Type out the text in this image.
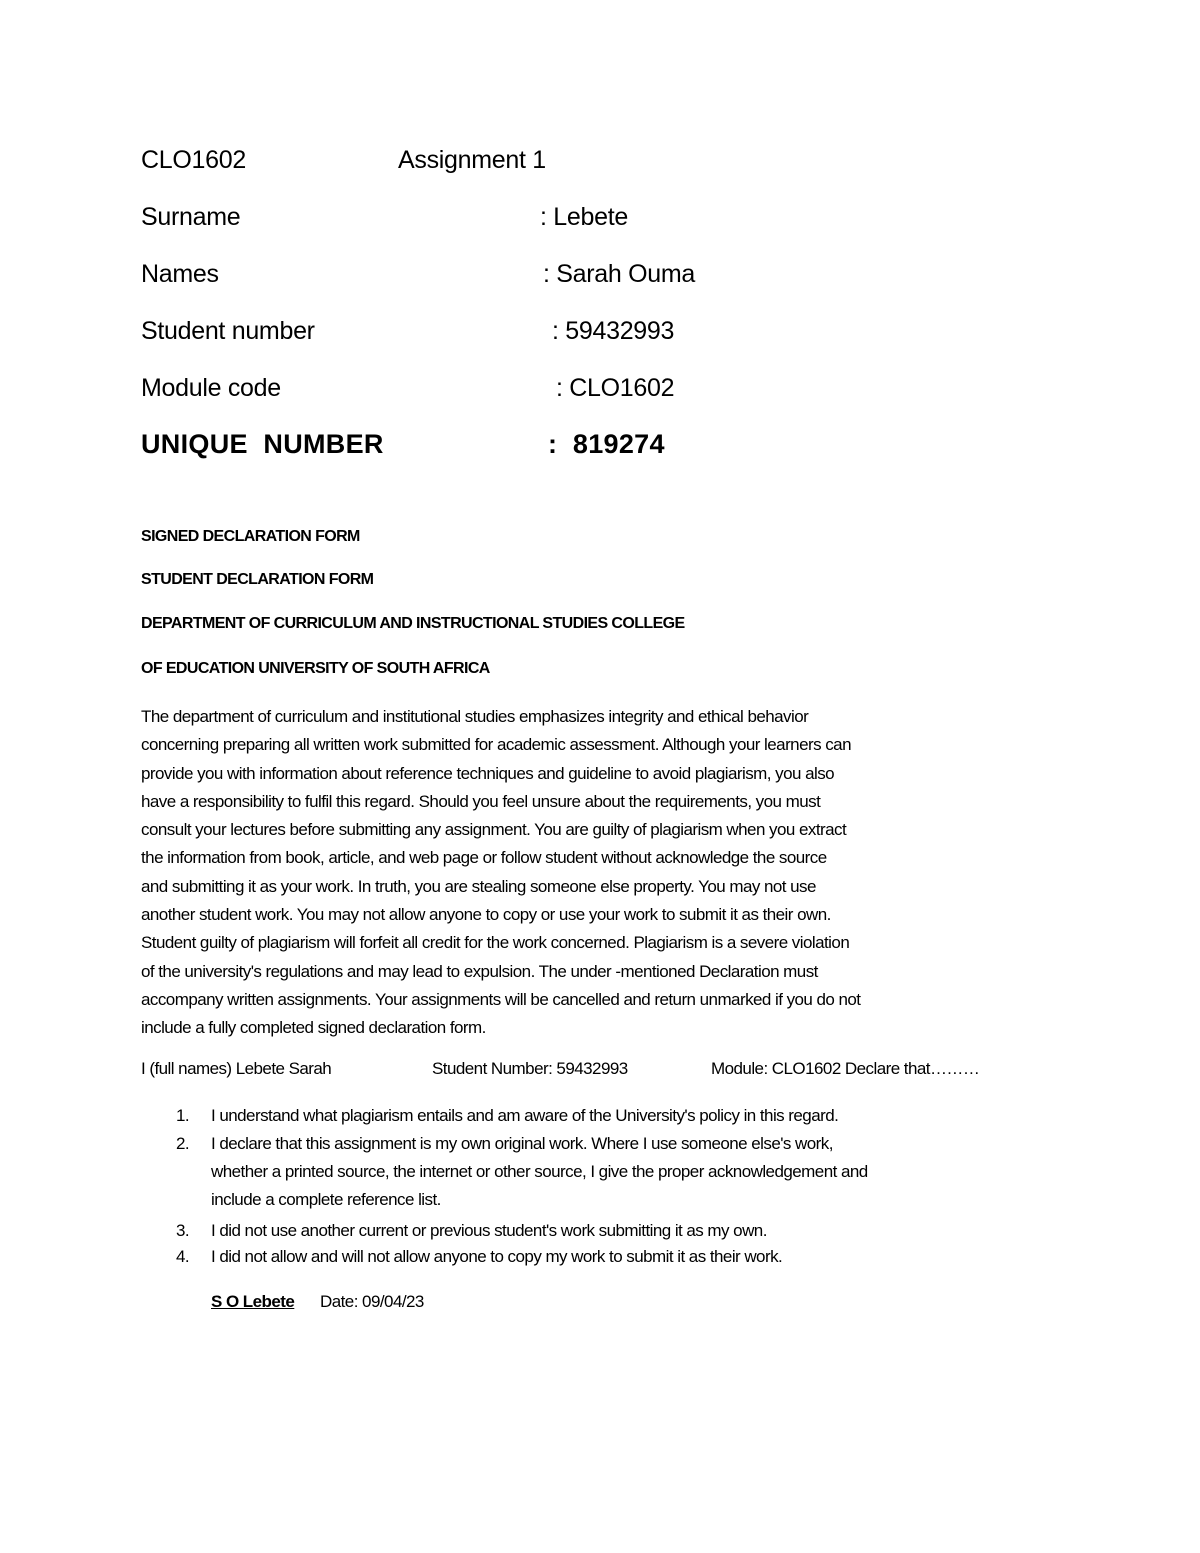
CLO1602	Assignment 1
Surname	: Lebete
Names	: Sarah Ouma
Student number	: 59432993
Module code	: CLO1602
UNIQUE  NUMBER	:  819274
SIGNED DECLARATION FORM
STUDENT DECLARATION FORM
DEPARTMENT OF CURRICULUM AND INSTRUCTIONAL STUDIES COLLEGE
OF EDUCATION UNIVERSITY OF SOUTH AFRICA
The department of curriculum and institutional studies emphasizes integrity and ethical behavior
concerning preparing all written work submitted for academic assessment. Although your learners can
provide you with information about reference techniques and guideline to avoid plagiarism, you also
have a responsibility to fulfil this regard. Should you feel unsure about the requirements, you must
consult your lectures before submitting any assignment. You are guilty of plagiarism when you extract
the information from book, article, and web page or follow student without acknowledge the source
and submitting it as your work. In truth, you are stealing someone else property. You may not use
another student work. You may not allow anyone to copy or use your work to submit it as their own.
Student guilty of plagiarism will forfeit all credit for the work concerned. Plagiarism is a severe violation
of the university's regulations and may lead to expulsion. The under -mentioned Declaration must
accompany written assignments. Your assignments will be cancelled and return unmarked if you do not
include a fully completed signed declaration form.
I (full names) Lebete Sarah	Student Number: 59432993	Module: CLO1602 Declare that………
1. I understand what plagiarism entails and am aware of the University's policy in this regard.
2. I declare that this assignment is my own original work. Where I use someone else's work,
whether a printed source, the internet or other source, I give the proper acknowledgement and
include a complete reference list.
3. I did not use another current or previous student's work submitting it as my own.
4. I did not allow and will not allow anyone to copy my work to submit it as their work.
S O Lebete Date: 09/04/23
